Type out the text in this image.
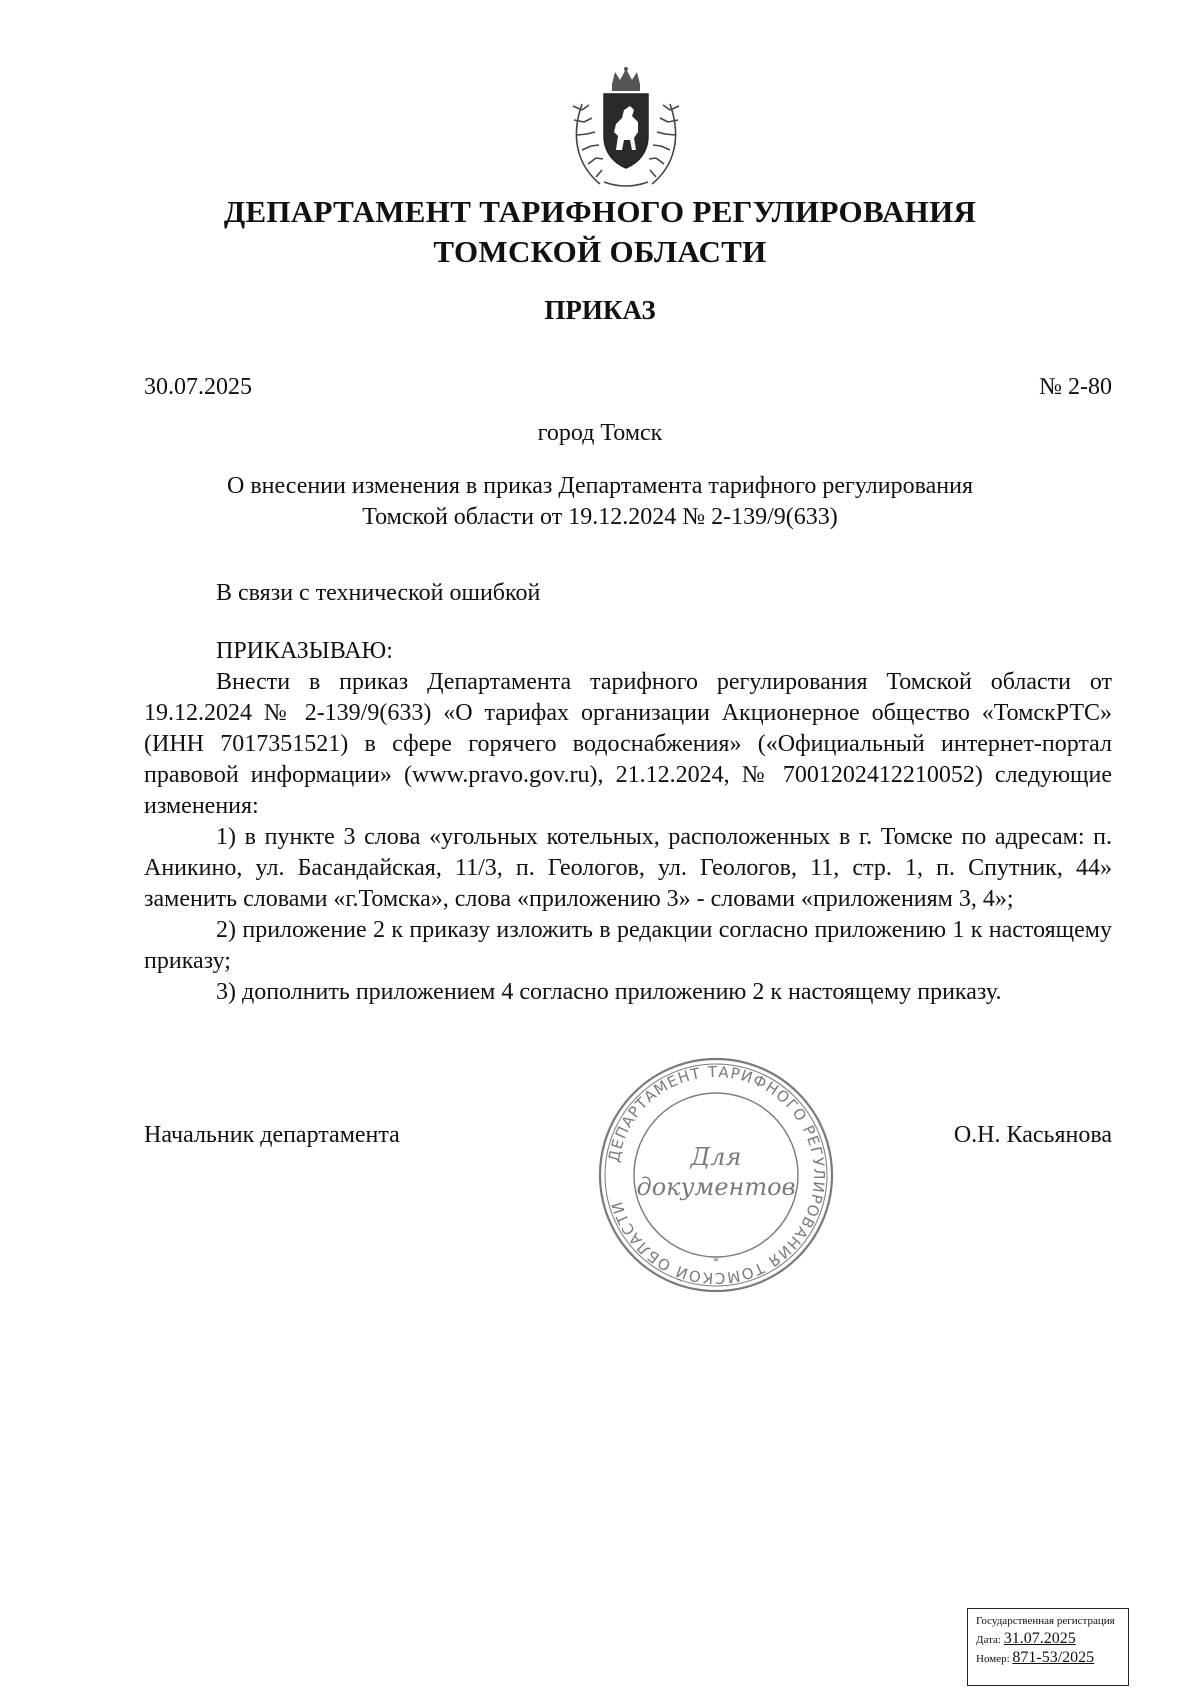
ДЕПАРТАМЕНТ ТАРИФНОГО РЕГУЛИРОВАНИЯ
ТОМСКОЙ ОБЛАСТИ
ПРИКАЗ
30.07.2025	№ 2-80
город Томск
О внесении изменения в приказ Департамента тарифного регулирования
Томской области от 19.12.2024 № 2-139/9(633)
В связи с технической ошибкой
ПРИКАЗЫВАЮ:

Внести в приказ Департамента тарифного регулирования Томской области от 19.12.2024 № 2-139/9(633) «О тарифах организации Акционерное общество «ТомскРТС» (ИНН 7017351521) в сфере горячего водоснабжения» («Официальный интернет-портал правовой информации» (www.pravo.gov.ru), 21.12.2024, № 7001202412210052) следующие изменения:

1) в пункте 3 слова «угольных котельных, расположенных в г. Томске по адресам: п. Аникино, ул. Басандайская, 11/3, п. Геологов, ул. Геологов, 11, стр. 1, п. Спутник, 44» заменить словами «г.Томска», слова «приложению 3» - словами «приложениям 3, 4»;

2) приложение 2 к приказу изложить в редакции согласно приложению 1 к настоящему приказу;

3) дополнить приложением 4 согласно приложению 2 к настоящему приказу.

Начальник департамента	О.Н. Касьянова
ДЕПАРТАМЕНТ ТАРИФНОГО РЕГУЛИРОВАНИЯ ТОМСКОЙ ОБЛАСТИ
Для
документов
*
Государственная регистрация
Дата: 31.07.2025
Номер: 871-53/2025
